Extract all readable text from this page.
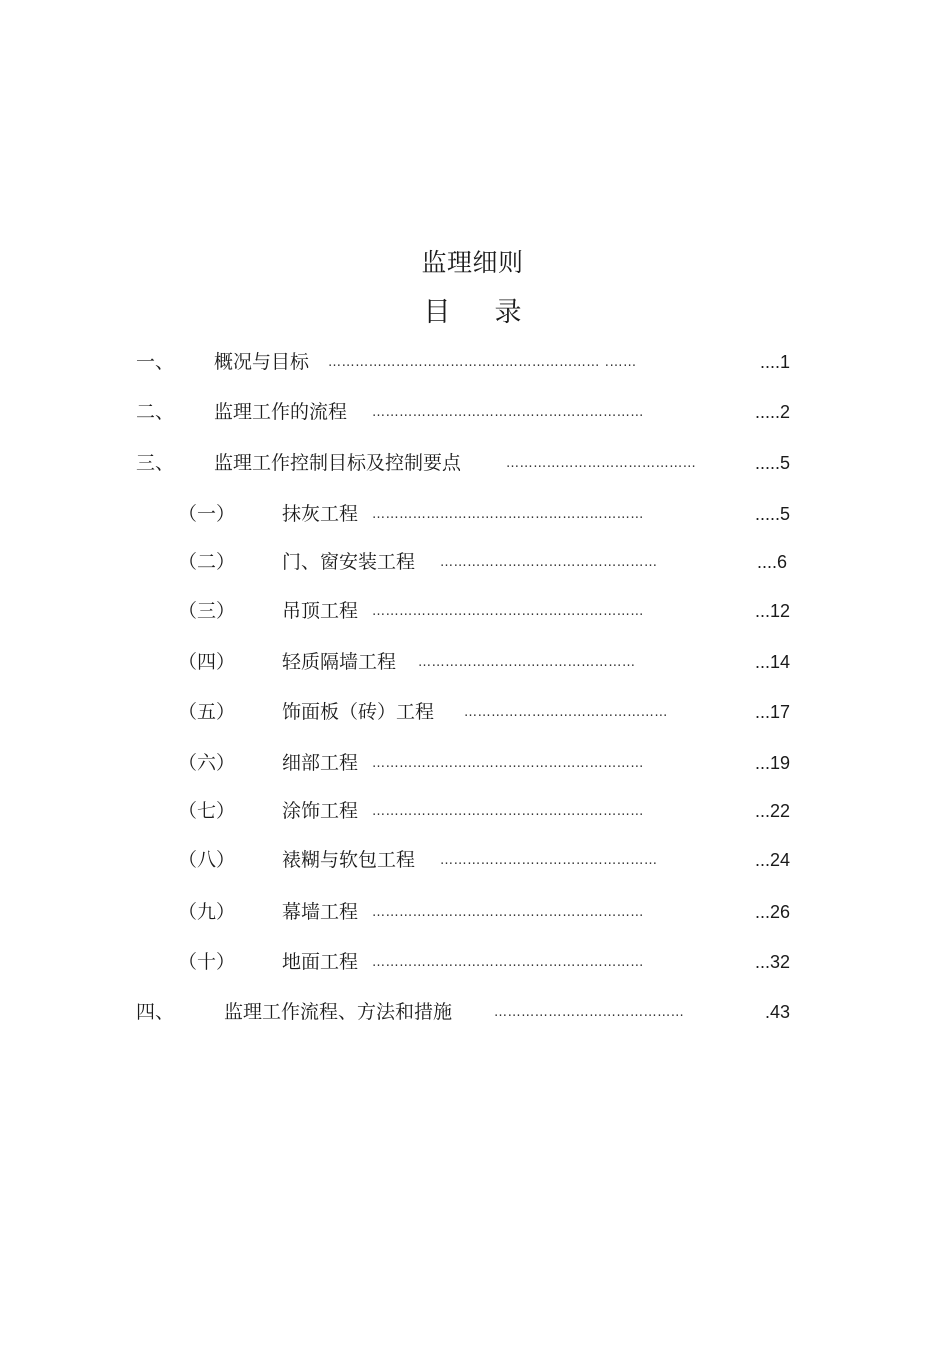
监理细则
目 录
一、 概况与目标 …………………………………………………… .……	....1
二、 监理工作的流程 ……………………………………………………	.....2
三、 监理工作控制目标及控制要点	……………………………………	.....5
（一） 抹灰工程 ……………………………………………………	.....5
（二） 门、窗安装工程 …………………………………………	....6
（三） 吊顶工程 ……………………………………………………	...12
（四） 轻质隔墙工程 …………………………………………	...14
（五） 饰面板（砖）工程 ………………………………………	...17
（六） 细部工程 ……………………………………………………	...19
（七） 涂饰工程 ……………………………………………………	...22
（八） 裱糊与软包工程 …………………………………………	...24
（九） 幕墙工程 ……………………………………………………	...26
（十） 地面工程 ……………………………………………………	...32
四、	监理工作流程、方法和措施	……………………………………	.43
